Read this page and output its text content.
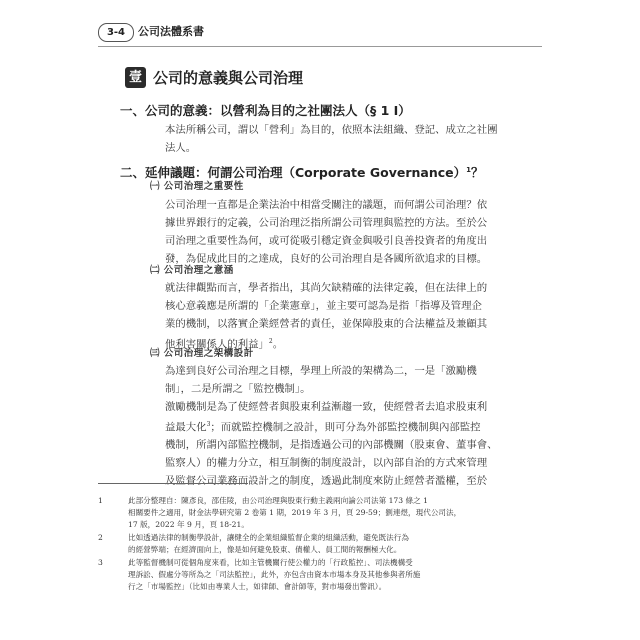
3-4	公司法體系書
壹 公司的意義與公司治理
一、公司的意義：以營利為目的之社團法人（§ 1 Ⅰ）

本法所稱公司，謂以「營利」為目的，依照本法組織、登記、成立之社團
法人。

二、延伸議題：何謂公司治理（Corporate Governance）$^1$？
㈠ 公司治理之重要性

公司治理一直都是企業法治中相當受關注的議題，而何謂公司治理？依
據世界銀行的定義，公司治理泛指所謂公司管理與監控的方法。至於公
司治理之重要性為何，或可從吸引穩定資金與吸引良善投資者的角度出
發，為促成此目的之達成，良好的公司治理自是各國所欲追求的目標。

㈡ 公司治理之意涵

就法律觀點而言，學者指出，其尚欠缺精確的法律定義，但在法律上的
核心意義應是所謂的「企業憲章」，並主要可認為是指「指導及管理企
業的機制，以落實企業經營者的責任，並保障股東的合法權益及兼顧其
他利害關係人的利益」$^2$。

㈢ 公司治理之架構設計

為達到良好公司治理之目標，學理上所設的架構為二，一是「激勵機
制」，二是所謂之「監控機制」。
激勵機制是為了使經營者與股東利益漸趨一致，使經營者去追求股東利
益最大化$^3$；而就監控機制之設計，則可分為外部監控機制與內部監控
機制，所謂內部監控機制，是指透過公司的內部機關（股東會、董事會、
監察人）的權力分立，相互制衡的制度設計，以內部自治的方式來管理
及監督公司業務而設計之的制度，透過此制度來防止經營者濫權，至於

1	此部分整理自：陳彥良，邵佳陵，由公司治理與股東行動主義兩向論公司法第 173 條之 1
相關要件之適用，財金法學研究第 2 卷第 1 期，2019 年 3 月，頁 29-59；劉連煜，現代公司法，
17 版，2022 年 9 月，頁 18-21。
2	比如透過法律的制衡學設計，讓健全的企業組織監督企業的組織活動，避免既法行為
的經營弊端；在經濟面向上，像是如何避免股東、債權人、員工間的報酬極大化。
3	此等監督機制可從個角度來看，比如主管機關行使公權力的「行政監控」、司法機構受
理訴訟、假處分等所為之「司法監控」，此外，亦包含由資本市場本身及其他參與者所施
行之「市場監控」（比如由專業人士，如律師、會計師等，對市場發出警訊）。
